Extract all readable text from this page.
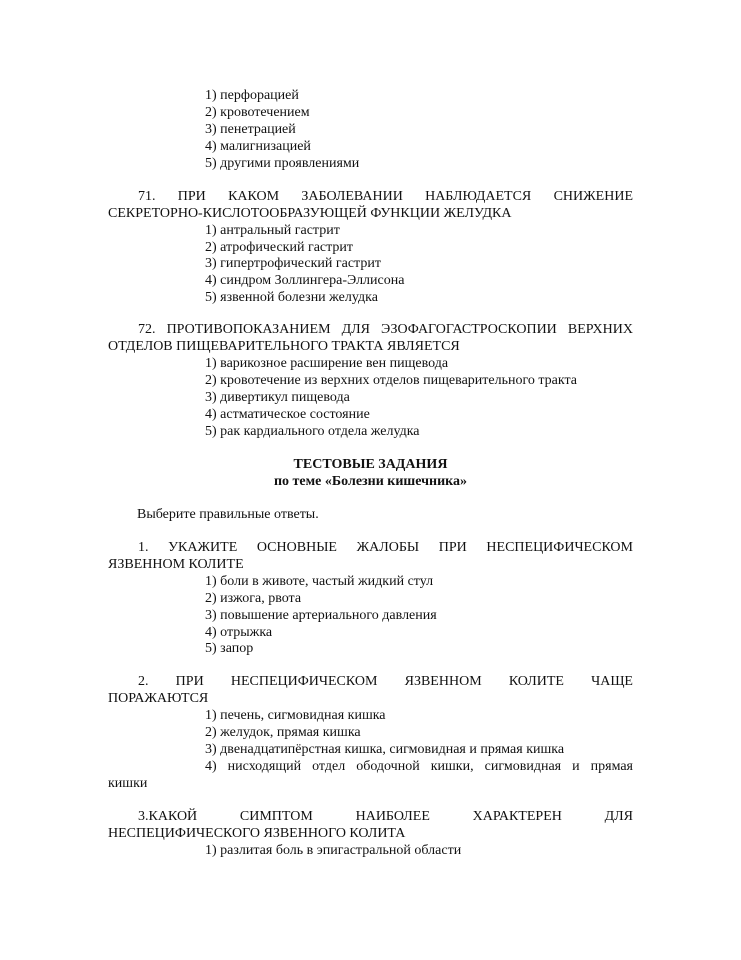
1) перфорацией
2) кровотечением
3) пенетрацией
4) малигнизацией
5) другими проявлениями
71. ПРИ КАКОМ ЗАБОЛЕВАНИИ НАБЛЮДАЕТСЯ СНИЖЕНИЕ
СЕКРЕТОРНО-КИСЛОТООБРАЗУЮЩЕЙ ФУНКЦИИ ЖЕЛУДКА
1) антральный гастрит
2) атрофический гастрит
3) гипертрофический гастрит
4) синдром Золлингера-Эллисона
5) язвенной болезни желудка
72. ПРОТИВОПОКАЗАНИЕМ ДЛЯ ЭЗОФАГОГАСТРОСКОПИИ ВЕРХНИХ
ОТДЕЛОВ ПИЩЕВАРИТЕЛЬНОГО ТРАКТА ЯВЛЯЕТСЯ
1) варикозное расширение вен пищевода
2) кровотечение из верхних отделов пищеварительного тракта
3) дивертикул пищевода
4) астматическое состояние
5) рак кардиального отдела желудка
ТЕСТОВЫЕ ЗАДАНИЯ
по теме «Болезни кишечника»
Выберите правильные ответы.
1. УКАЖИТЕ ОСНОВНЫЕ ЖАЛОБЫ ПРИ НЕСПЕЦИФИЧЕСКОМ
ЯЗВЕННОМ КОЛИТЕ
1) боли в животе, частый жидкий стул
2) изжога, рвота
3) повышение артериального давления
4) отрыжка
5) запор
2. ПРИ НЕСПЕЦИФИЧЕСКОМ ЯЗВЕННОМ КОЛИТЕ ЧАЩЕ
ПОРАЖАЮТСЯ
1) печень, сигмовидная кишка
2) желудок, прямая кишка
3) двенадцатипёрстная кишка, сигмовидная и прямая кишка
4) нисходящий отдел ободочной кишки, сигмовидная и прямая
кишки
3.КАКОЙ СИМПТОМ НАИБОЛЕЕ ХАРАКТЕРЕН ДЛЯ
НЕСПЕЦИФИЧЕСКОГО ЯЗВЕННОГО КОЛИТА
1) разлитая боль в эпигастральной области
